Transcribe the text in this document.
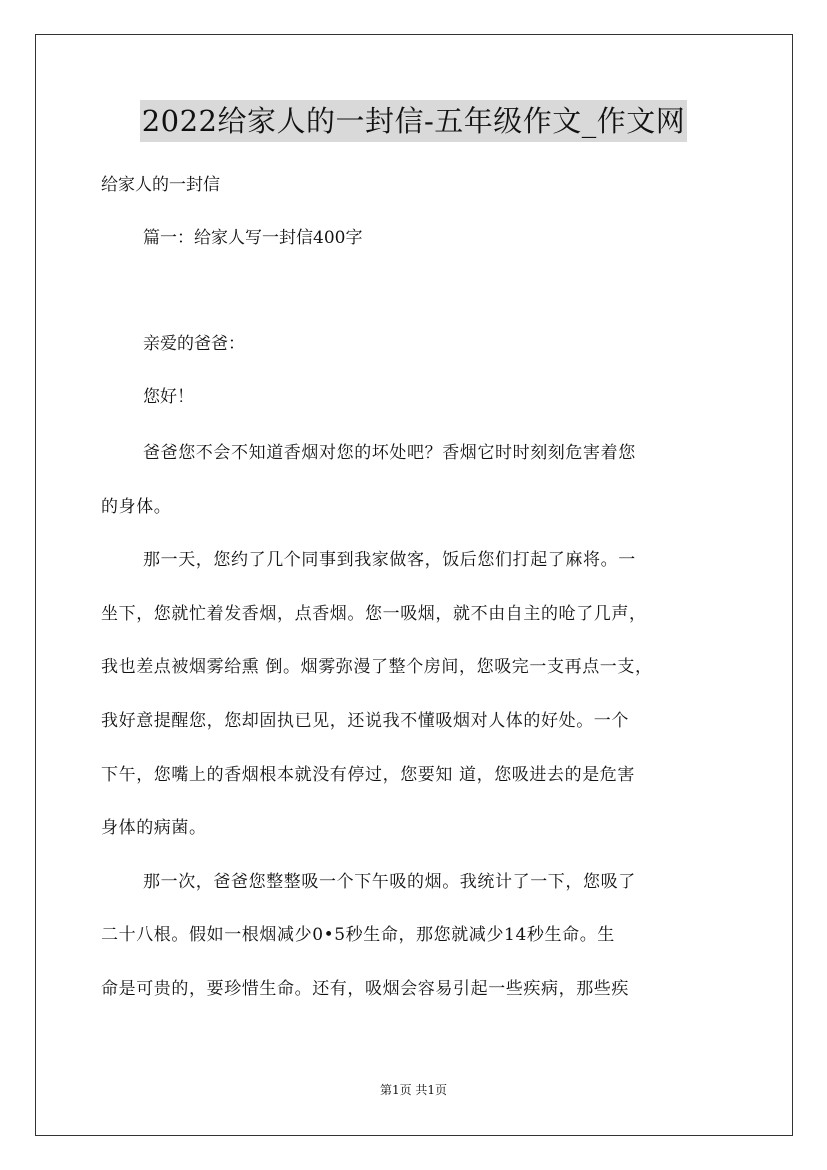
2022给家人的一封信-五年级作文_作文网

给家人的一封信

篇一：给家人写一封信400字

亲爱的爸爸：

您好！

爸爸您不会不知道香烟对您的坏处吧？香烟它时时刻刻危害着您
的身体。

那一天，您约了几个同事到我家做客，饭后您们打起了麻将。一
坐下，您就忙着发香烟，点香烟。您一吸烟，就不由自主的呛了几声，
我也差点被烟雾给熏 倒。烟雾弥漫了整个房间，您吸完一支再点一支，
我好意提醒您，您却固执已见，还说我不懂吸烟对人体的好处。一个
下午，您嘴上的香烟根本就没有停过，您要知 道，您吸进去的是危害
身体的病菌。

那一次，爸爸您整整吸一个下午吸的烟。我统计了一下，您吸了
二十八根。假如一根烟减少0•5秒生命，那您就减少14秒生命。生
命是可贵的，要珍惜生命。还有，吸烟会容易引起一些疾病，那些疾

第1页 共1页
